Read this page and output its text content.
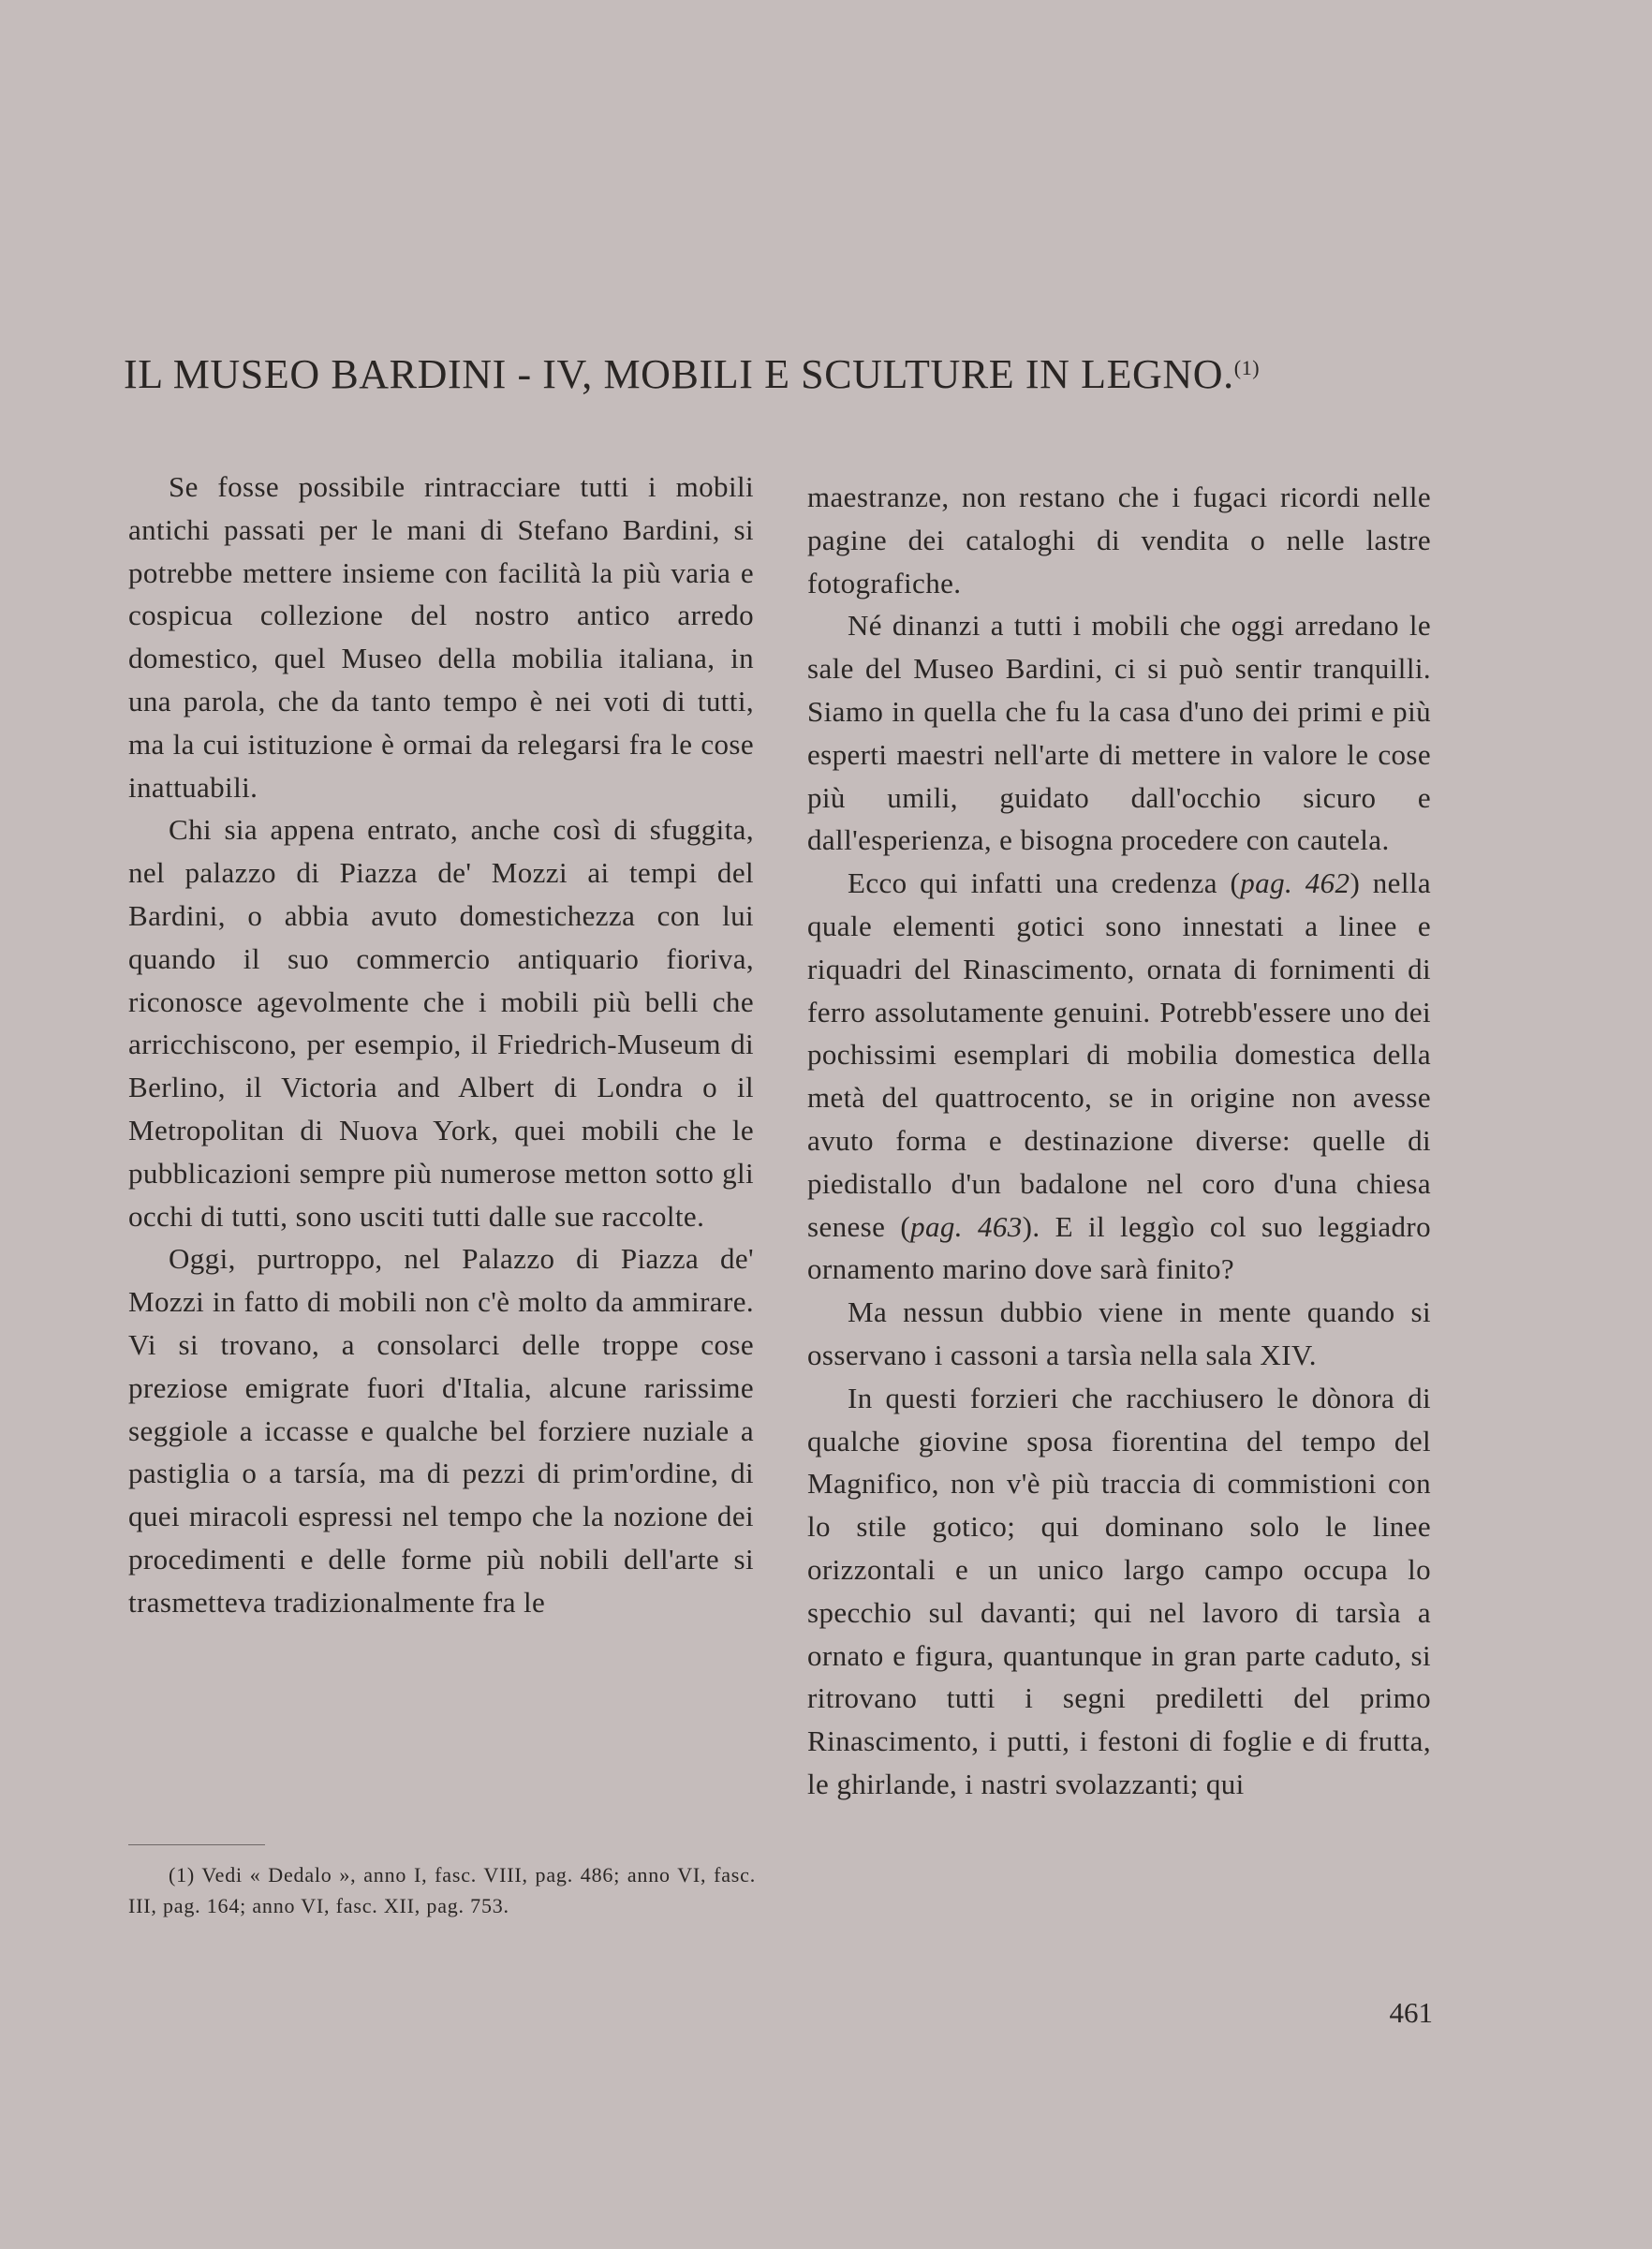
IL MUSEO BARDINI - IV, MOBILI E SCULTURE IN LEGNO.$^{(1)}$

Se fosse possibile rintracciare tutti i mobili antichi passati per le mani di Stefano Bardini, si potrebbe mettere insieme con facilità la più varia e cospicua collezione del nostro antico arredo domestico, quel Museo della mobilia italiana, in una parola, che da tanto tempo è nei voti di tutti, ma la cui istituzione è ormai da relegarsi fra le cose inattuabili.

Chi sia appena entrato, anche così di sfuggita, nel palazzo di Piazza de' Mozzi ai tempi del Bardini, o abbia avuto domestichezza con lui quando il suo commercio antiquario fioriva, riconosce agevolmente che i mobili più belli che arricchiscono, per esempio, il Friedrich-Museum di Berlino, il Victoria and Albert di Londra o il Metropolitan di Nuova York, quei mobili che le pubblicazioni sempre più numerose metton sotto gli occhi di tutti, sono usciti tutti dalle sue raccolte.

Oggi, purtroppo, nel Palazzo di Piazza de' Mozzi in fatto di mobili non c'è molto da ammirare. Vi si trovano, a consolarci delle troppe cose preziose emigrate fuori d'Italia, alcune rarissime seggiole a iccasse e qualche bel forziere nuziale a pastiglia o a tarsía, ma di pezzi di prim'ordine, di quei miracoli espressi nel tempo che la nozione dei procedimenti e delle forme più nobili dell'arte si trasmetteva tradizionalmente fra le

maestranze, non restano che i fugaci ricordi nelle pagine dei cataloghi di vendita o nelle lastre fotografiche.

Né dinanzi a tutti i mobili che oggi arredano le sale del Museo Bardini, ci si può sentir tranquilli. Siamo in quella che fu la casa d'uno dei primi e più esperti maestri nell'arte di mettere in valore le cose più umili, guidato dall'occhio sicuro e dall'esperienza, e bisogna procedere con cautela.

Ecco qui infatti una credenza (pag. 462) nella quale elementi gotici sono innestati a linee e riquadri del Rinascimento, ornata di fornimenti di ferro assolutamente genuini. Potrebb'essere uno dei pochissimi esemplari di mobilia domestica della metà del quattrocento, se in origine non avesse avuto forma e destinazione diverse: quelle di piedistallo d'un badalone nel coro d'una chiesa senese (pag. 463). E il leggìo col suo leggiadro ornamento marino dove sarà finito?

Ma nessun dubbio viene in mente quando si osservano i cassoni a tarsìa nella sala XIV.

In questi forzieri che racchiusero le dònora di qualche giovine sposa fiorentina del tempo del Magnifico, non v'è più traccia di commistioni con lo stile gotico; qui dominano solo le linee orizzontali e un unico largo campo occupa lo specchio sul davanti; qui nel lavoro di tarsìa a ornato e figura, quantunque in gran parte caduto, si ritrovano tutti i segni prediletti del primo Rinascimento, i putti, i festoni di foglie e di frutta, le ghirlande, i nastri svolazzanti; qui

(1) Vedi « Dedalo », anno I, fasc. VIII, pag. 486; anno VI, fasc. III, pag. 164; anno VI, fasc. XII, pag. 753.

461
